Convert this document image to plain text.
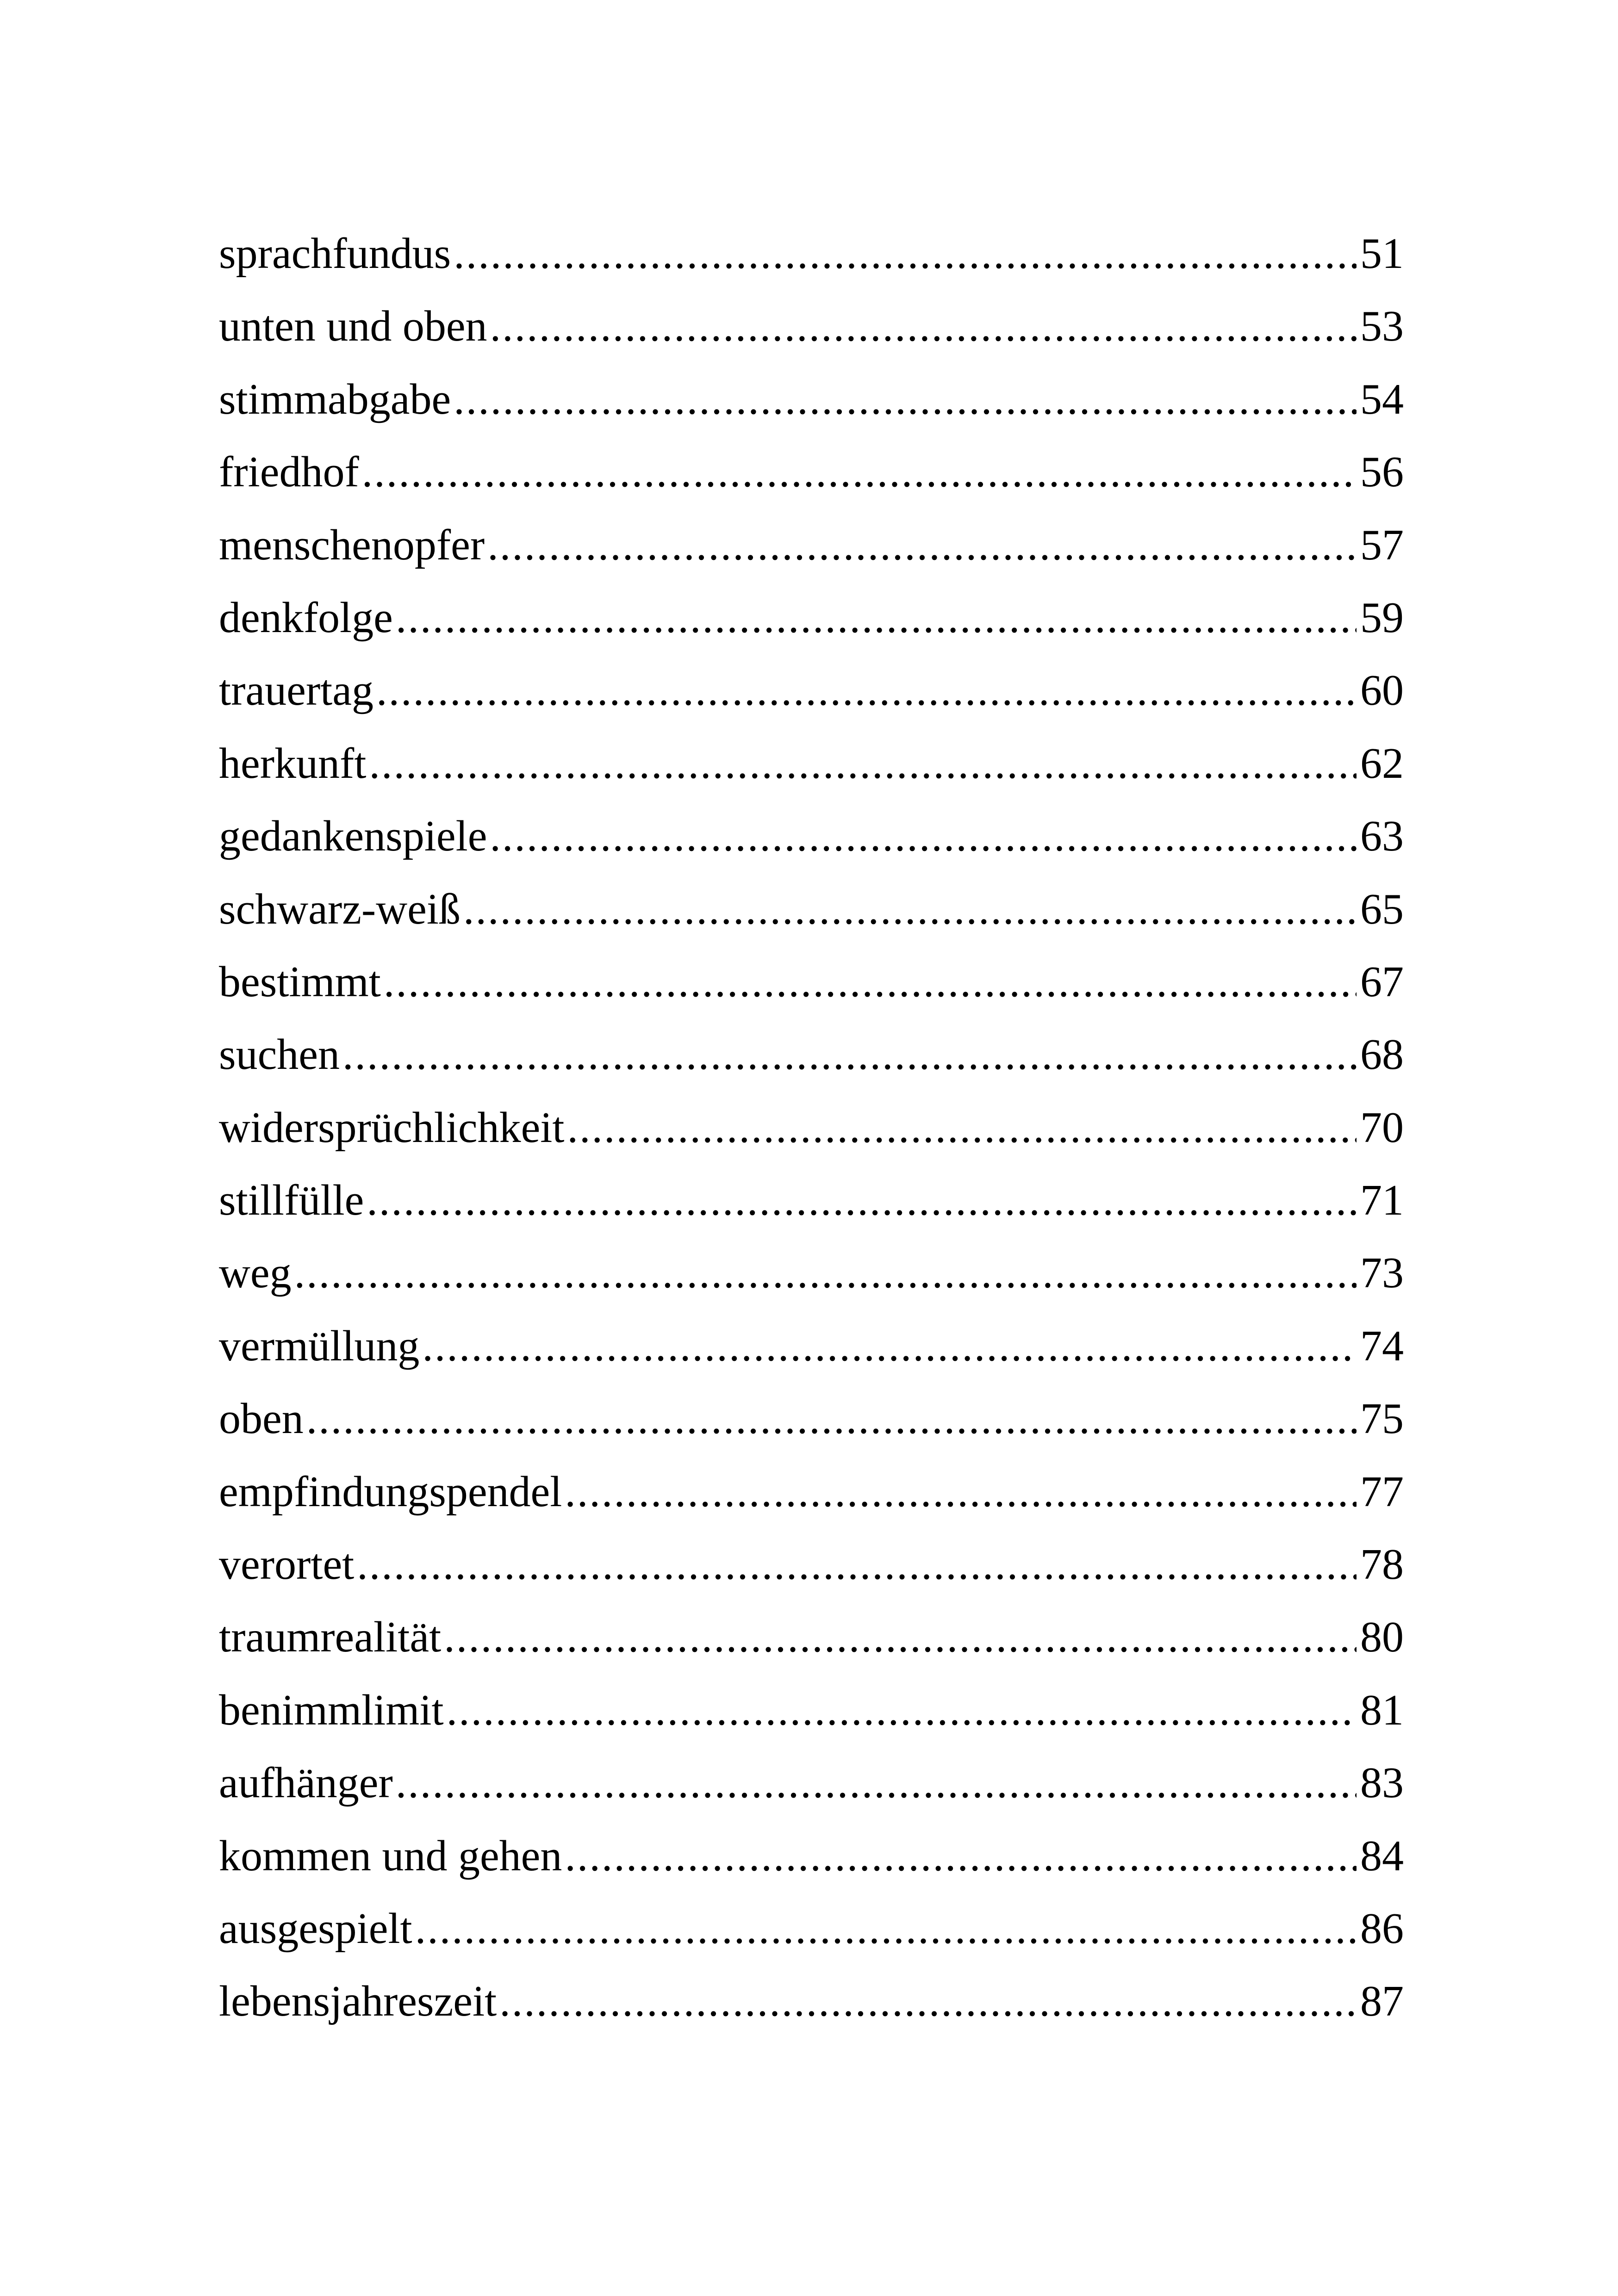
sprachfundus .....	51
unten und oben .....	53
stimmabgabe .....	54
friedhof .....	56
menschenopfer .....	57
denkfolge .....	59
trauertag .....	60
herkunft .....	62
gedankenspiele .....	63
schwarz-weiß .....	65
bestimmt .....	67
suchen .....	68
widersprüchlichkeit .....	70
stillfülle .....	71
weg .....	73
vermüllung .....	74
oben .....	75
empfindungspendel .....	77
verortet .....	78
traumrealität .....	80
benimmlimit .....	81
aufhänger .....	83
kommen und gehen .....	84
ausgespielt .....	86
lebensjahreszeit .....	87
